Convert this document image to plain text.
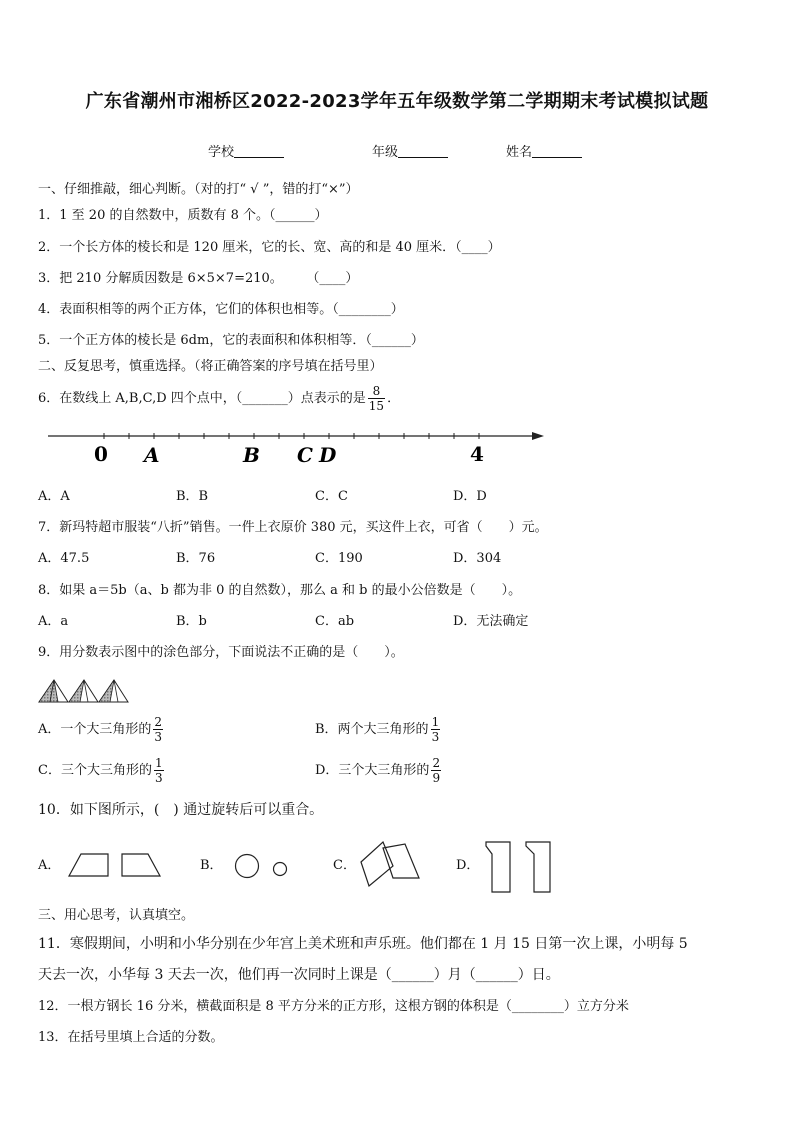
广东省潮州市湘桥区2022-2023学年五年级数学第二学期期末考试模拟试题
学校	年级	姓名
一、仔细推敲，细心判断。（对的打“ √ ”，错的打“×”）
1．1 至 20 的自然数中，质数有 8 个。（______）
2．一个长方体的棱长和是 120 厘米，它的长、宽、高的和是 40 厘米．（____）
3．把 210 分解质因数是 6×5×7=210。　　 （____）
4．表面积相等的两个正方体，它们的体积也相等。（________）
5．一个正方体的棱长是 6dm，它的表面积和体积相等．（______）
二、反复思考，慎重选择。（将正确答案的序号填在括号里）
6．在数线上 A,B,C,D 四个点中，（_______）点表示的是 $\frac{8}{15}$ ．
0 A	B C D	4
A．A	B．B	C．C	D．D
7．新玛特超市服装“八折”销售。一件上衣原价 380 元，买这件上衣，可省（　　）元。
A．47.5	B．76	C．190	D．304
8．如果 a＝5b（a、b 都为非 0 的自然数），那么 a 和 b 的最小公倍数是（　　）。
A．a	B．b	C．ab	D．无法确定
9．用分数表示图中的涂色部分，下面说法不正确的是（　　）。
A．一个大三角形的 $\frac{2}{3}$	B．两个大三角形的 $\frac{1}{3}$
C．三个大三角形的 $\frac{1}{3}$	D．三个大三角形的 $\frac{2}{9}$
10．如下图所示，(　) 通过旋转后可以重合。
A．	B．	C．	D．
三、用心思考，认真填空。
11．寒假期间，小明和小华分别在少年宫上美术班和声乐班。他们都在 1 月 15 日第一次上课，小明每 5
天去一次，小华每 3 天去一次，他们再一次同时上课是（______）月（______）日。
12．一根方钢长 16 分米，横截面积是 8 平方分米的正方形，这根方钢的体积是（________）立方分米
13．在括号里填上合适的分数。
